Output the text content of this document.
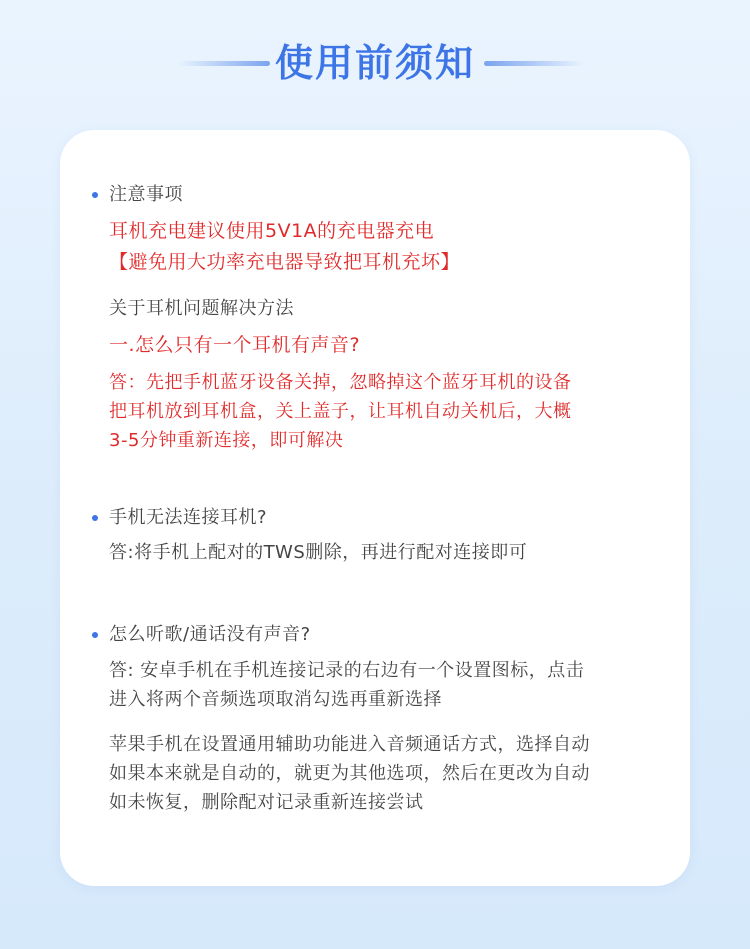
使用前须知
注意事项
耳机充电建议使用5V1A的充电器充电
【避免用大功率充电器导致把耳机充坏】
关于耳机问题解决方法
一.怎么只有一个耳机有声音?
答：先把手机蓝牙设备关掉，忽略掉这个蓝牙耳机的设备
把耳机放到耳机盒，关上盖子，让耳机自动关机后，大概
3-5分钟重新连接，即可解决
手机无法连接耳机?
答:将手机上配对的TWS删除，再进行配对连接即可
怎么听歌/通话没有声音?
答: 安卓手机在手机连接记录的右边有一个设置图标，点击
进入将两个音频选项取消勾选再重新选择
苹果手机在设置通用辅助功能进入音频通话方式，选择自动
如果本来就是自动的，就更为其他选项，然后在更改为自动
如未恢复，删除配对记录重新连接尝试
